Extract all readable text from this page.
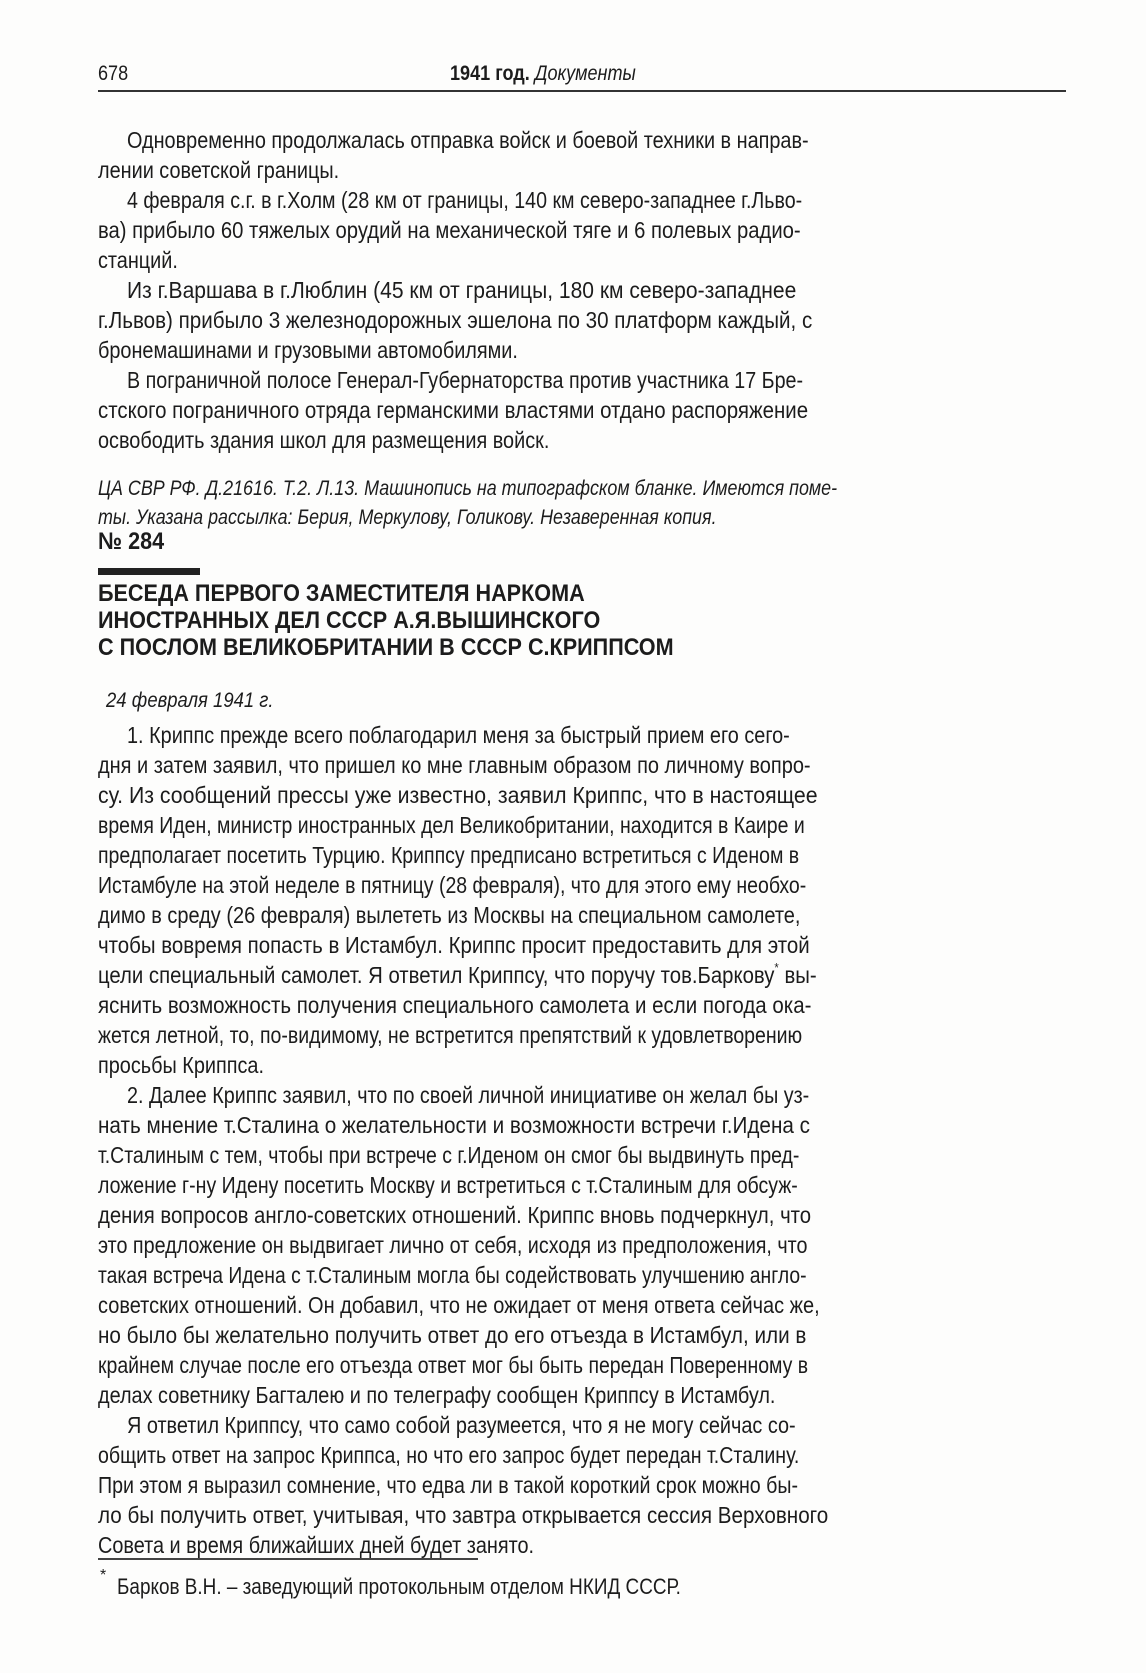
678	1941 год. Документы
Одновременно продолжалась отправка войск и боевой техники в направ-
лении советской границы.
4 февраля с.г. в г.Холм (28 км от границы, 140 км северо-западнее г.Льво-
ва) прибыло 60 тяжелых орудий на механической тяге и 6 полевых радио-
станций.
Из г.Варшава в г.Люблин (45 км от границы, 180 км северо-западнее
г.Львов) прибыло 3 железнодорожных эшелона по 30 платформ каждый, с
бронемашинами и грузовыми автомобилями.
В пограничной полосе Генерал-Губернаторства против участника 17 Бре-
стского пограничного отряда германскими властями отдано распоряжение
освободить здания школ для размещения войск.
ЦА СВР РФ. Д.21616. Т.2. Л.13. Машинопись на типографском бланке. Имеются поме-
ты. Указана рассылка: Берия, Меркулову, Голикову. Незаверенная копия.
№ 284
БЕСЕДА ПЕРВОГО ЗАМЕСТИТЕЛЯ НАРКОМА
ИНОСТРАННЫХ ДЕЛ СССР А.Я.ВЫШИНСКОГО
С ПОСЛОМ ВЕЛИКОБРИТАНИИ В СССР С.КРИППСОМ
24 февраля 1941 г.
1. Криппс прежде всего поблагодарил меня за быстрый прием его сего-
дня и затем заявил, что пришел ко мне главным образом по личному вопро-
су. Из сообщений прессы уже известно, заявил Криппс, что в настоящее
время Иден, министр иностранных дел Великобритании, находится в Каире и
предполагает посетить Турцию. Криппсу предписано встретиться с Иденом в
Истамбуле на этой неделе в пятницу (28 февраля), что для этого ему необхо-
димо в среду (26 февраля) вылететь из Москвы на специальном самолете,
чтобы вовремя попасть в Истамбул. Криппс просит предоставить для этой
цели специальный самолет. Я ответил Криппсу, что поручу тов.Баркову* вы-
яснить возможность получения специального самолета и если погода ока-
жется летной, то, по-видимому, не встретится препятствий к удовлетворению
просьбы Криппса.
2. Далее Криппс заявил, что по своей личной инициативе он желал бы уз-
нать мнение т.Сталина о желательности и возможности встречи г.Идена с
т.Сталиным с тем, чтобы при встрече с г.Иденом он смог бы выдвинуть пред-
ложение г-ну Идену посетить Москву и встретиться с т.Сталиным для обсуж-
дения вопросов англо-советских отношений. Криппс вновь подчеркнул, что
это предложение он выдвигает лично от себя, исходя из предположения, что
такая встреча Идена с т.Сталиным могла бы содействовать улучшению англо-
советских отношений. Он добавил, что не ожидает от меня ответа сейчас же,
но было бы желательно получить ответ до его отъезда в Истамбул, или в
крайнем случае после его отъезда ответ мог бы быть передан Поверенному в
делах советнику Багталею и по телеграфу сообщен Криппсу в Истамбул.
Я ответил Криппсу, что само собой разумеется, что я не могу сейчас со-
общить ответ на запрос Криппса, но что его запрос будет передан т.Сталину.
При этом я выразил сомнение, что едва ли в такой короткий срок можно бы-
ло бы получить ответ, учитывая, что завтра открывается сессия Верховного
Совета и время ближайших дней будет занято.
* Барков В.Н. – заведующий протокольным отделом НКИД СССР.
